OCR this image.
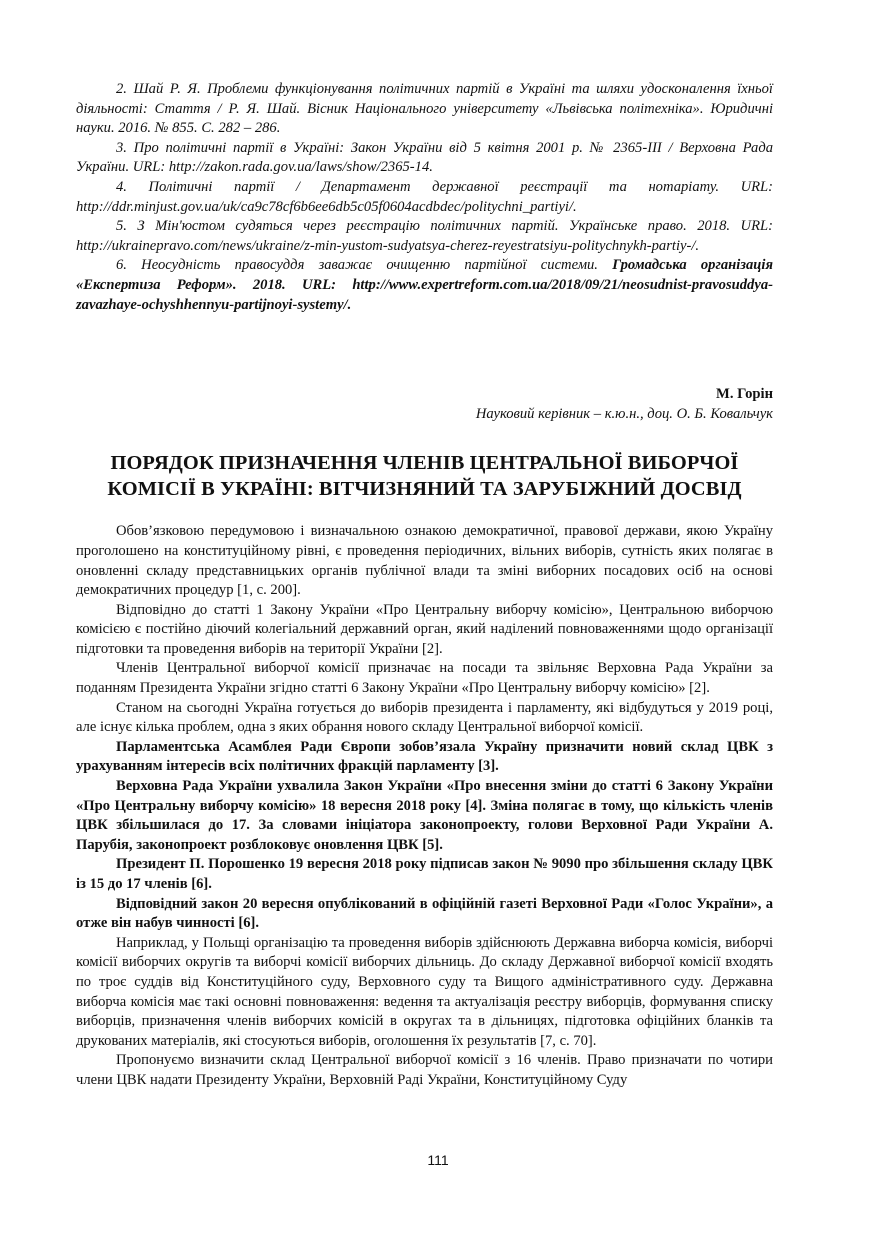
2. Шай Р. Я. Проблеми функціонування політичних партій в Україні та шляхи удосконалення їхньої діяльності: Стаття / Р. Я. Шай. Вісник Національного університету «Львівська політехніка». Юридичні науки. 2016. № 855. С. 282 – 286.

3. Про політичні партії в Україні: Закон України від 5 квітня 2001 р. № 2365-III / Верховна Рада України. URL: http://zakon.rada.gov.ua/laws/show/2365-14.

4. Політичні партії / Департамент державної реєстрації та нотаріату. URL: http://ddr.minjust.gov.ua/uk/ca9c78cf6b6ee6db5c05f0604acdbdec/politychni_partiyi/.

5. З Мін'юстом судяться через реєстрацію політичних партій. Українське право. 2018. URL: http://ukrainepravo.com/news/ukraine/z-min-yustom-sudyatsya-cherez-reyestratsiyu-politychnykh-partiy-/.

6. Неосудність правосуддя заважає очищенню партійної системи. Громадська організація «Експертиза Реформ». 2018. URL: http://www.expertreform.com.ua/2018/09/21/neosudnist-pravosuddya-zavazhaye-ochyshhennyu-partijnoyi-systemy/.

М. Горін
Науковий керівник – к.ю.н., доц. О. Б. Ковальчук
ПОРЯДОК ПРИЗНАЧЕННЯ ЧЛЕНІВ ЦЕНТРАЛЬНОЇ ВИБОРЧОЇ
КОМІСІЇ В УКРАЇНІ: ВІТЧИЗНЯНИЙ ТА ЗАРУБІЖНИЙ ДОСВІД

Обов’язковою передумовою і визначальною ознакою демократичної, правової держави, якою Україну проголошено на конституційному рівні, є проведення періодичних, вільних виборів, сутність яких полягає в оновленні складу представницьких органів публічної влади та зміні виборних посадових осіб на основі демократичних процедур [1, с. 200].

Відповідно до статті 1 Закону України «Про Центральну виборчу комісію», Центральною виборчою комісією є постійно діючий колегіальний державний орган, який наділений повноваженнями щодо організації підготовки та проведення виборів на території України [2].

Членів Центральної виборчої комісії призначає на посади та звільняє Верховна Рада України за поданням Президента України згідно статті 6 Закону України «Про Центральну виборчу комісію» [2].

Станом на сьогодні Україна готується до виборів президента і парламенту, які відбудуться у 2019 році, але існує кілька проблем, одна з яких обрання нового складу Центральної виборчої комісії.

Парламентська Асамблея Ради Європи зобов’язала Україну призначити новий склад ЦВК з урахуванням інтересів всіх політичних фракцій парламенту [3].

Верховна Рада України ухвалила Закон України «Про внесення зміни до статті 6 Закону України «Про Центральну виборчу комісію» 18 вересня 2018 року [4]. Зміна полягає в тому, що кількість членів ЦВК збільшилася до 17. За словами ініціатора законопроекту, голови Верховної Ради України А. Парубія, законопроект розблоковує оновлення ЦВК [5].

Президент П. Порошенко 19 вересня 2018 року підписав закон № 9090 про збільшення складу ЦВК із 15 до 17 членів [6].

Відповідний закон 20 вересня опублікований в офіційній газеті Верховної Ради «Голос України», а отже він набув чинності [6].

Наприклад, у Польщі організацію та проведення виборів здійснюють Державна виборча комісія, виборчі комісії виборчих округів та виборчі комісії виборчих дільниць. До складу Державної виборчої комісії входять по троє суддів від Конституційного суду, Верховного суду та Вищого адміністративного суду. Державна виборча комісія має такі основні повноваження: ведення та актуалізація реєстру виборців, формування списку виборців, призначення членів виборчих комісій в округах та в дільницях, підготовка офіційних бланків та друкованих матеріалів, які стосуються виборів, оголошення їх результатів [7, с. 70].

Пропонуємо визначити склад Центральної виборчої комісії з 16 членів. Право призначати по чотири члени ЦВК надати Президенту України, Верховній Раді України, Конституційному Суду

111
